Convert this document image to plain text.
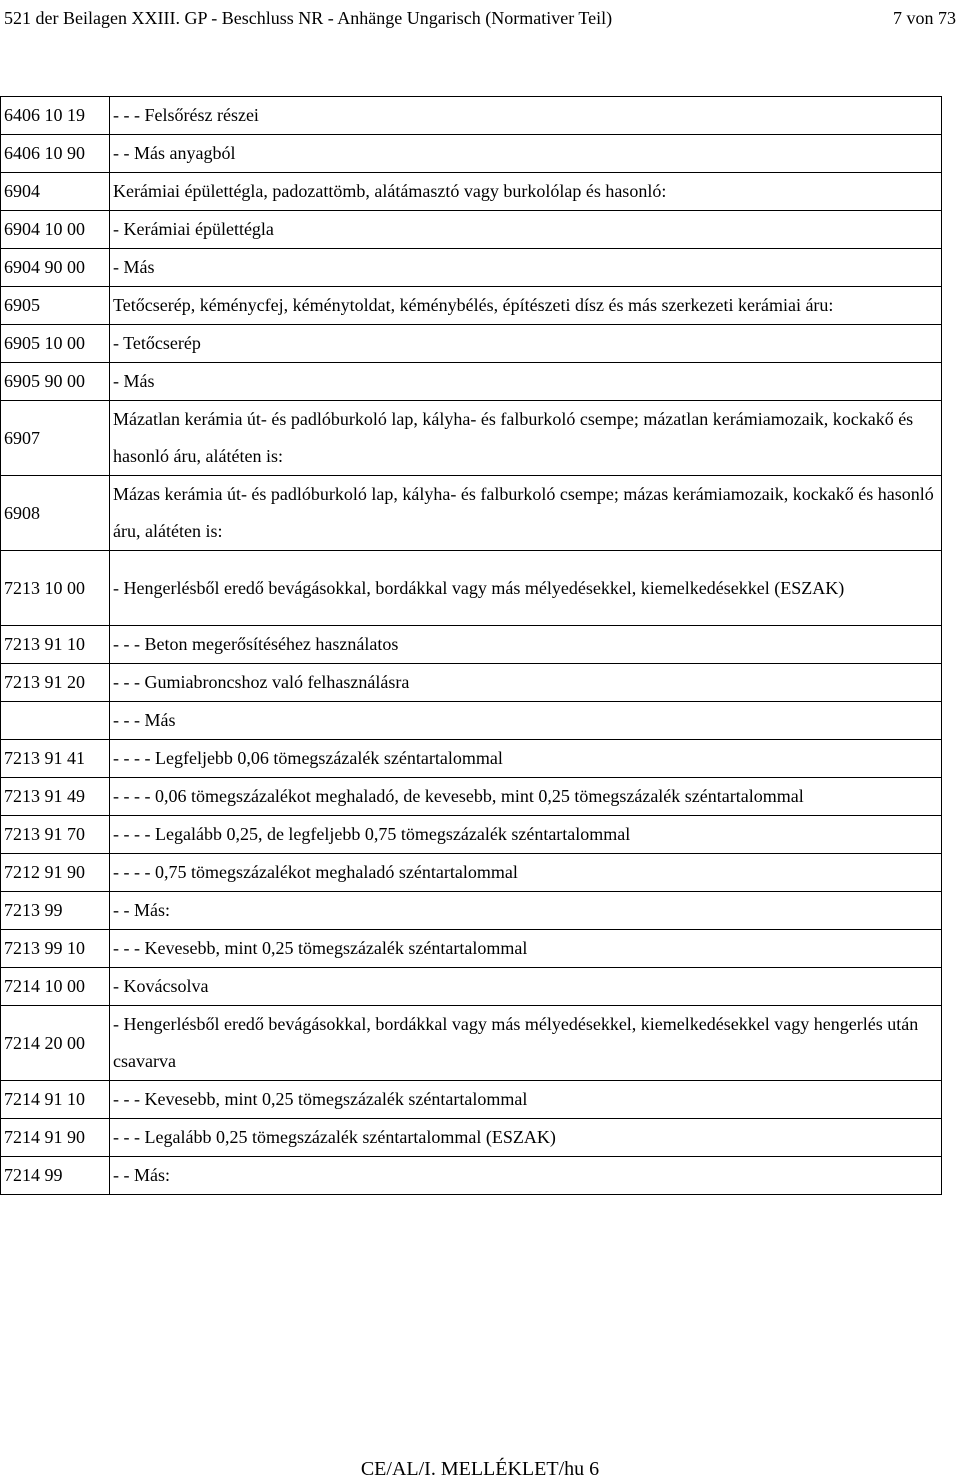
521 der Beilagen XXIII. GP - Beschluss NR - Anhänge Ungarisch (Normativer Teil)	7 von 73
6406 10 19	- - - Felsőrész részei
6406 10 90	- - Más anyagból
6904	Kerámiai épülettégla, padozattömb, alátámasztó vagy burkolólap és hasonló:
6904 10 00	- Kerámiai épülettégla
6904 90 00	- Más
6905	Tetőcserép, kéménycfej, kéménytoldat, kéménybélés, építészeti dísz és más szerkezeti kerámiai áru:
6905 10 00	- Tetőcserép
6905 90 00	- Más
6907	Mázatlan kerámia út- és padlóburkoló lap, kályha- és falburkoló csempe; mázatlan kerámiamozaik, kockakő és hasonló áru, alátéten is:
6908	Mázas kerámia út- és padlóburkoló lap, kályha- és falburkoló csempe; mázas kerámiamozaik, kockakő és hasonló áru, alátéten is:
7213 10 00	- Hengerlésből eredő bevágásokkal, bordákkal vagy más mélyedésekkel, kiemelkedésekkel (ESZAK)
7213 91 10	- - - Beton megerősítéséhez használatos
7213 91 20	- - - Gumiabroncshoz való felhasználásra
	- - - Más
7213 91 41	- - - - Legfeljebb 0,06 tömegszázalék széntartalommal
7213 91 49	- - - - 0,06 tömegszázalékot meghaladó, de kevesebb, mint 0,25 tömegszázalék széntartalommal
7213 91 70	- - - - Legalább 0,25, de legfeljebb 0,75 tömegszázalék széntartalommal
7212 91 90	- - - - 0,75 tömegszázalékot meghaladó széntartalommal
7213 99	- - Más:
7213 99 10	- - - Kevesebb, mint 0,25 tömegszázalék széntartalommal
7214 10 00	- Kovácsolva
7214 20 00	- Hengerlésből eredő bevágásokkal, bordákkal vagy más mélyedésekkel, kiemelkedésekkel vagy hengerlés után csavarva
7214 91 10	- - - Kevesebb, mint 0,25 tömegszázalék széntartalommal
7214 91 90	- - - Legalább 0,25 tömegszázalék széntartalommal (ESZAK)
7214 99	- - Más:
CE/AL/I. MELLÉKLET/hu 6
